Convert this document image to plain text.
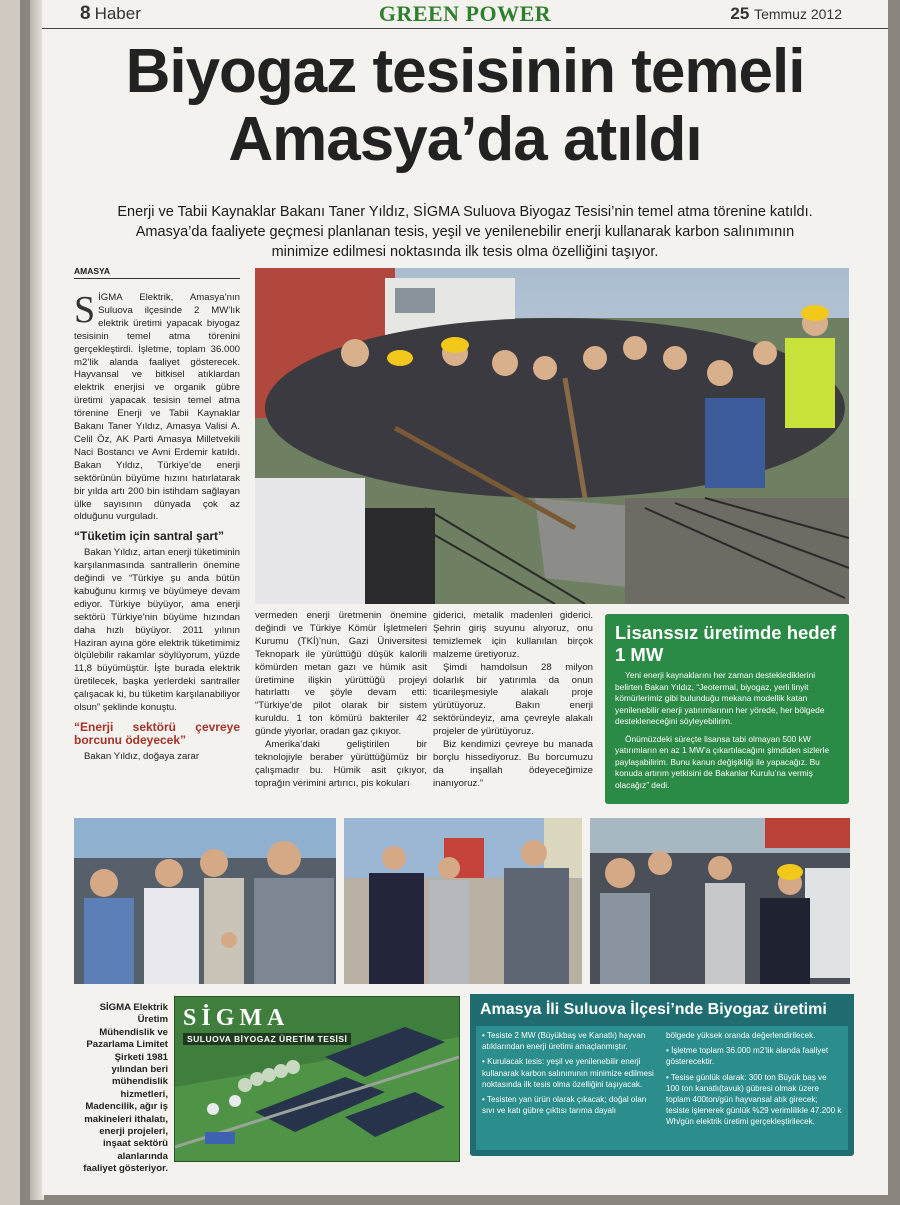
8 Haber	GREEN POWER	25 Temmuz 2012
Biyogaz tesisinin temeli
Amasya’da atıldı
Enerji ve Tabii Kaynaklar Bakanı Taner Yıldız, SİGMA Suluova Biyogaz Tesisi’nin temel atma törenine katıldı. Amasya’da faaliyete geçmesi planlanan tesis, yeşil ve yenilenebilir enerji kullanarak karbon salınımının minimize edilmesi noktasında ilk tesis olma özelliğini taşıyor.
AMASYA

SİGMA Elektrik, Amasya’nın Suluova ilçesinde 2 MW’lık elektrik üretimi yapacak biyogaz tesisinin temel atma törenini gerçekleştirdi. İşletme, toplam 36.000 m2’lik alanda faaliyet gösterecek. Hayvansal ve bitkisel atıklardan elektrik enerjisi ve organik gübre üretimi yapacak tesisin temel atma törenine Enerji ve Tabii Kaynaklar Bakanı Taner Yıldız, Amasya Valisi A. Celil Öz, AK Parti Amasya Milletvekili Naci Bostancı ve Avni Erdemir katıldı. Bakan Yıldız, Türkiye’de enerji sektörünün büyüme hızını hatırlatarak bir yılda artı 200 bin istihdam sağlayan ülke sayısının dünyada çok az olduğunu vurguladı.

“Tüketim için santral şart”

Bakan Yıldız, artan enerji tüketiminin karşılanmasında santrallerin önemine değindi ve “Türkiye şu anda bütün kabuğunu kırmış ve büyümeye devam ediyor. Türkiye büyüyor, ama enerji sektörü Türkiye’nin büyüme hızından daha hızlı büyüyor. 2011 yılının Haziran ayına göre elektrik tüketimimiz ölçülebilir rakamlar söylüyorum, yüzde 11,8 büyümüştür. İşte burada elektrik üretilecek, başka yerlerdeki santraller çalışacak ki, bu tüketim karşılanabiliyor olsun” şeklinde konuştu.

“Enerji sektörü çevreye borcunu ödeyecek”

Bakan Yıldız, doğaya zarar

vermeden enerji üretmenin önemine değindi ve Türkiye Kömür İşletmeleri Kurumu (TKİ)’nun, Gazi Üniversitesi Teknopark ile yürüttüğü düşük kalorili kömürden metan gazı ve hümik asit üretimine ilişkin yürüttüğü projeyi hatırlattı ve şöyle devam etti: “Türkiye’de pilot olarak bir sistem kuruldu. 1 ton kömürü bakteriler 42 günde yiyorlar, oradan gaz çıkıyor.

Amerika’daki geliştirilen bir teknolojiyle beraber yürüttüğümüz bir çalışmadır bu. Hümik asit çıkıyor, toprağın verimini artırıcı, pis kokuları

giderici, metalik madenleri giderici. Şehrin giriş suyunu alıyoruz, onu temizlemek için kullanılan birçok malzeme üretiyoruz.

Şimdi hamdolsun 28 milyon dolarlık bir yatırımla da onun ticarileşmesiyle alakalı proje yürütüyoruz. Bakın enerji sektöründeyiz, ama çevreyle alakalı projeler de yürütüyoruz.

Biz kendimizi çevreye bu manada borçlu hissediyoruz. Bu borcumuzu da inşallah ödeyeceğimize inanıyoruz.”

Lisanssız üretimde hedef 1 MW

Yeni enerji kaynaklarını her zaman desteklediklerini belirten Bakan Yıldız, “Jeotermal, biyogaz, yerli linyit kömürlerimiz gibi bulunduğu mekana modellik katan yenilenebilir enerji yatırımlarının her yörede, her bölgede destekleneceğini söyleyebilirim.

Önümüzdeki süreçte lisansa tabi olmayan 500 kW yatırımların en az 1 MW’a çıkartılacağını şimdiden sizlerle paylaşabilirim. Bunu kanun değişikliği ile yapacağız. Bu konuda artırım yetkisini de Bakanlar Kurulu’na vermiş olacağız” dedi.

SİGMA Elektrik Üretim Mühendislik ve Pazarlama Limitet Şirketi 1981 yılından beri mühendislik hizmetleri, Madencilik, ağır iş makineleri ithalatı, enerji projeleri, inşaat sektörü alanlarında faaliyet gösteriyor.
SİGMA
SULUOVA BİYOGAZ ÜRETİM TESİSİ
Amasya İli Suluova İlçesi’nde Biyogaz üretimi

• Tesiste 2 MW (Büyükbaş ve Kanatlı) hayvan atıklarından enerji üretimi amaçlanmıştır.

• Kurulacak tesis: yeşil ve yenilenebilir enerji kullanarak karbon salınımının minimize edilmesi noktasında ilk tesis olma özelliğini taşıyacak.

• Tesisten yan ürün olarak çıkacak; doğal olan sıvı ve katı gübre çıktısı tarıma dayalı

bölgede yüksek oranda değerlendirilecek.

• İşletme toplam 36.000 m2’lik alanda faaliyet gösterecektir.

• Tesise günlük olarak: 300 ton Büyük baş ve 100 ton kanatlı(tavuk) gübresi olmak üzere toplam 400ton/gün hayvansal atık girecek; tesiste işlenerek günlük %29 verimlilikle 47.200 k Wh/gün elektrik üretimi gerçekleştirilecek.
